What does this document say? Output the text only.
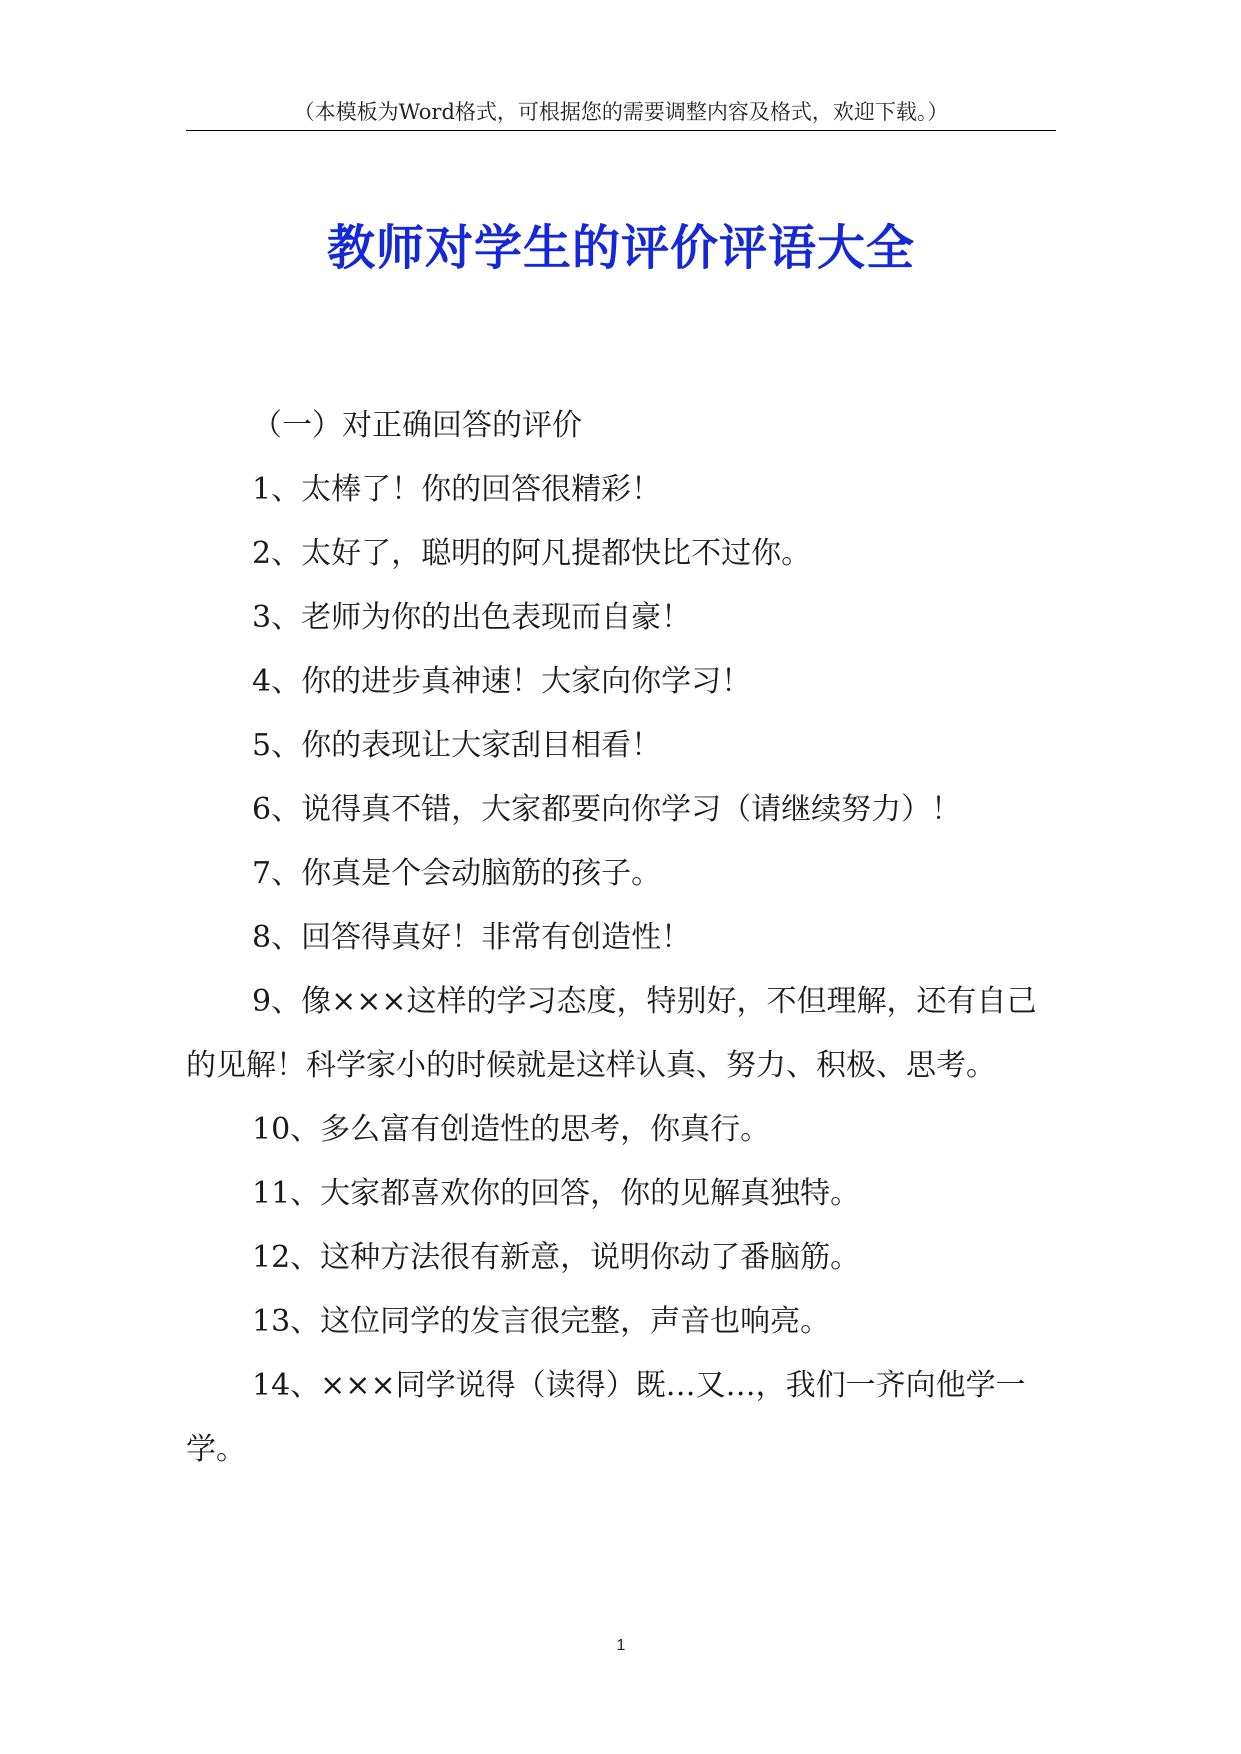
（本模板为Word格式，可根据您的需要调整内容及格式，欢迎下载。）
教师对学生的评价评语大全

（一）对正确回答的评价

1、太棒了！你的回答很精彩！

2、太好了，聪明的阿凡提都快比不过你。

3、老师为你的出色表现而自豪！

4、你的进步真神速！大家向你学习！

5、你的表现让大家刮目相看！

6、说得真不错，大家都要向你学习（请继续努力）！

7、你真是个会动脑筋的孩子。

8、回答得真好！非常有创造性！

9、像×××这样的学习态度，特别好，不但理解，还有自己的见解！科学家小的时候就是这样认真、努力、积极、思考。

10、多么富有创造性的思考，你真行。

11、大家都喜欢你的回答，你的见解真独特。

12、这种方法很有新意，说明你动了番脑筋。

13、这位同学的发言很完整，声音也响亮。

14、×××同学说得（读得）既…又…，我们一齐向他学一学。

1
